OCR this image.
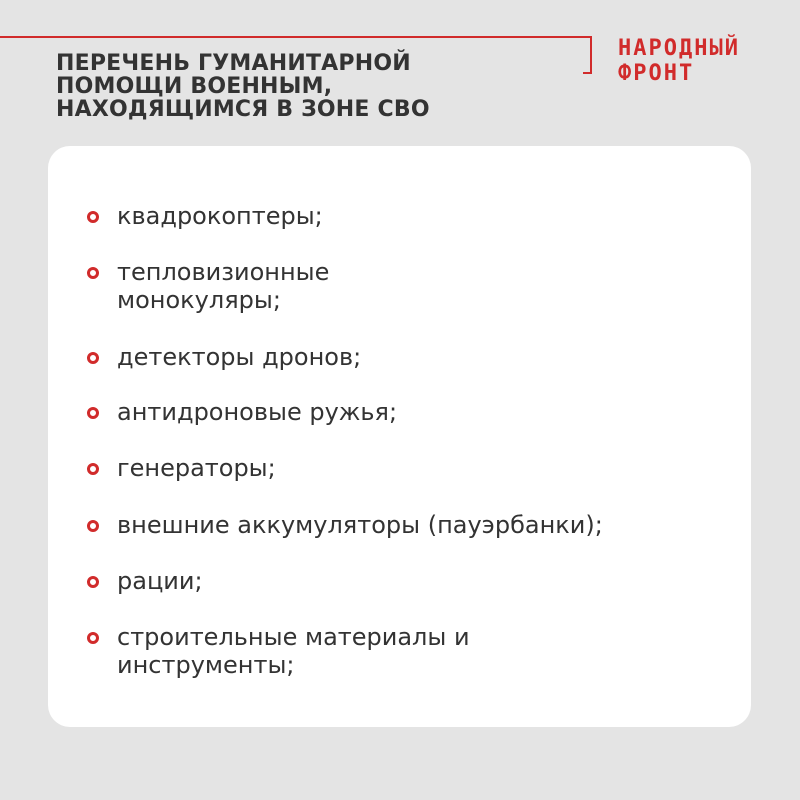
ПЕРЕЧЕНЬ ГУМАНИТАРНОЙ
ПОМОЩИ ВОЕННЫМ,
НАХОДЯЩИМСЯ В ЗОНЕ СВО
НАРОДНЫЙ
ФРОНТ
квадрокоптеры;
тепловизионные
монокуляры;
детекторы дронов;
антидроновые ружья;
генераторы;
внешние аккумуляторы (пауэрбанки);
рации;
строительные материалы и
инструменты;
